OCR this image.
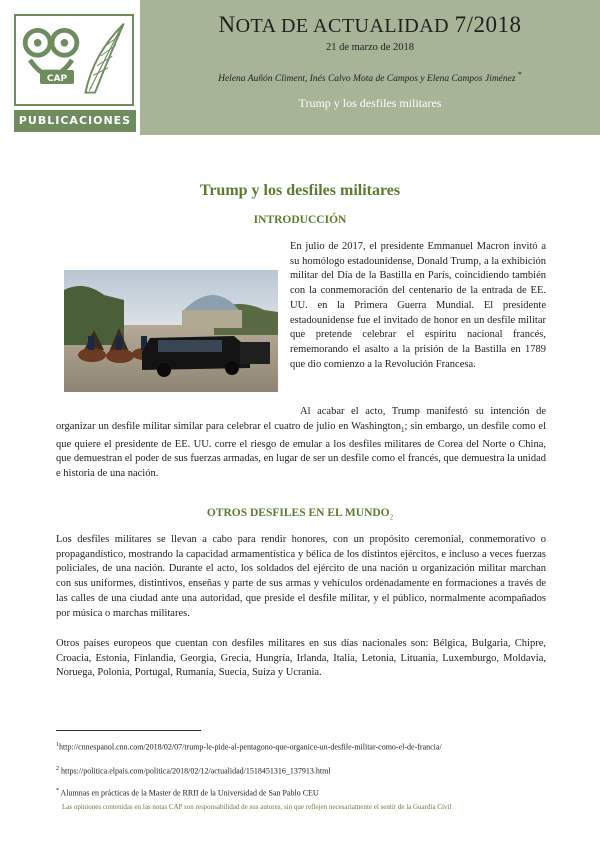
CAP
PUBLICACIONES
NOTA DE ACTUALIDAD 7/2018
21 de marzo de 2018
Helena Auñón Climent, Inés Calvo Mota de Campos y Elena Campos Jiménez *
Trump y los desfiles militares
Trump y los desfiles militares
INTRODUCCIÓN

En julio de 2017, el presidente Emmanuel Macron invitó a su homólogo estadounidense, Donald Trump, a la exhibición militar del Día de la Bastilla en París, coincidiendo también con la conmemoración del centenario de la entrada de EE. UU. en la Primera Guerra Mundial. El presidente estadounidense fue el invitado de honor en un desfile militar que pretende celebrar el espíritu nacional francés, rememorando el asalto a la prisión de la Bastilla en 1789 que dio comienzo a la Revolución Francesa.

Al acabar el acto, Trump manifestó su intención de organizar un desfile militar similar para celebrar el cuatro de julio en Washington$_1$; sin embargo, un desfile como el que quiere el presidente de EE. UU. corre el riesgo de emular a los desfiles militares de Corea del Norte o China, que demuestran el poder de sus fuerzas armadas, en lugar de ser un desfile como el francés, que demuestra la unidad e historia de una nación.

OTROS DESFILES EN EL $MUNDO_2$

Los desfiles militares se llevan a cabo para rendir honores, con un propósito ceremonial, conmemorativo o propagandístico, mostrando la capacidad armamentística y bélica de los distintos ejércitos, e incluso a veces fuerzas policiales, de una nación. Durante el acto, los soldados del ejército de una nación u organización militar marchan con sus uniformes, distintivos, enseñas y parte de sus armas y vehículos ordenadamente en formaciones a través de las calles de una ciudad ante una autoridad, que preside el desfile militar, y el público, normalmente acompañados por música o marchas militares.

Otros países europeos que cuentan con desfiles militares en sus días nacionales son: Bélgica, Bulgaria, Chipre, Croacia, Estonia, Finlandia, Georgia, Grecia, Hungría, Irlanda, Italia, Letonia, Lituania, Luxemburgo, Moldavia, Noruega, Polonia, Portugal, Rumanía, Suecia, Suiza y Ucrania.

$^1$http://cnnespanol.cnn.com/2018/02/07/trump-le-pide-al-pentagono-que-organice-un-desfile-militar-como-el-de-francia/
$^2$ https://politica.elpais.com/politica/2018/02/12/actualidad/1518451316_137913.html
* Alumnas en prácticas de la Master de RRII de la Universidad de San Pablo CEU
Las opiniones contenidas en las notas CAP son responsabilidad de sus autores, sin que reflejen necesariamente el sentir de la Guardia Civil
